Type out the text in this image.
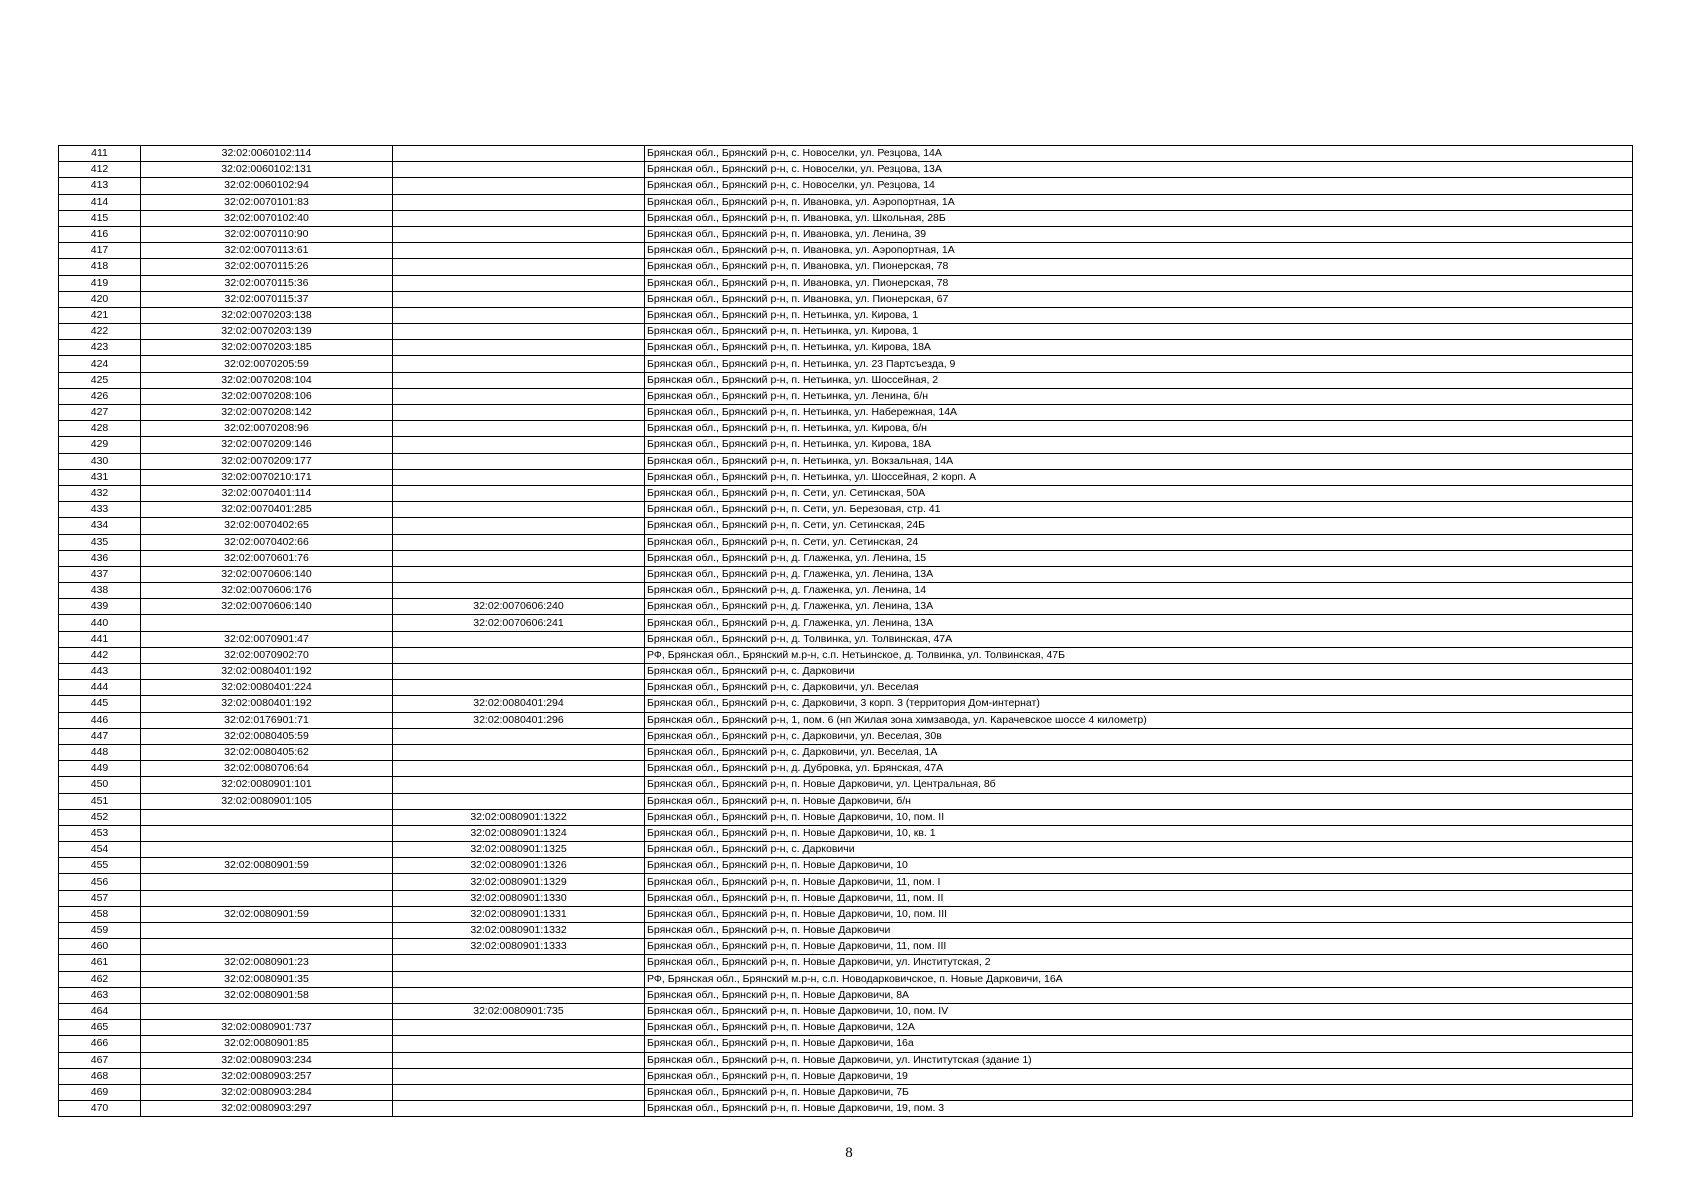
411	32:02:0060102:114		Брянская обл., Брянский р-н, с. Новоселки, ул. Резцова, 14А
412	32:02:0060102:131		Брянская обл., Брянский р-н, с. Новоселки, ул. Резцова, 13А
413	32:02:0060102:94		Брянская обл., Брянский р-н, с. Новоселки, ул. Резцова, 14
414	32:02:0070101:83		Брянская обл., Брянский р-н, п. Ивановка, ул. Аэропортная, 1А
415	32:02:0070102:40		Брянская обл., Брянский р-н, п. Ивановка, ул. Школьная, 28Б
416	32:02:0070110:90		Брянская обл., Брянский р-н, п. Ивановка, ул. Ленина, 39
417	32:02:0070113:61		Брянская обл., Брянский р-н, п. Ивановка, ул. Аэропортная, 1А
418	32:02:0070115:26		Брянская обл., Брянский р-н, п. Ивановка, ул. Пионерская, 78
419	32:02:0070115:36		Брянская обл., Брянский р-н, п. Ивановка, ул. Пионерская, 78
420	32:02:0070115:37		Брянская обл., Брянский р-н, п. Ивановка, ул. Пионерская, 67
421	32:02:0070203:138		Брянская обл., Брянский р-н, п. Нетьинка, ул. Кирова, 1
422	32:02:0070203:139		Брянская обл., Брянский р-н, п. Нетьинка, ул. Кирова, 1
423	32:02:0070203:185		Брянская обл., Брянский р-н, п. Нетьинка, ул. Кирова, 18А
424	32:02:0070205:59		Брянская обл., Брянский р-н, п. Нетьинка, ул. 23 Партсъезда, 9
425	32:02:0070208:104		Брянская обл., Брянский р-н, п. Нетьинка, ул. Шоссейная, 2
426	32:02:0070208:106		Брянская обл., Брянский р-н, п. Нетьинка, ул. Ленина, б/н
427	32:02:0070208:142		Брянская обл., Брянский р-н, п. Нетьинка, ул. Набережная, 14А
428	32:02:0070208:96		Брянская обл., Брянский р-н, п. Нетьинка, ул. Кирова, б/н
429	32:02:0070209:146		Брянская обл., Брянский р-н, п. Нетьинка, ул. Кирова, 18А
430	32:02:0070209:177		Брянская обл., Брянский р-н, п. Нетьинка, ул. Вокзальная, 14А
431	32:02:0070210:171		Брянская обл., Брянский р-н, п. Нетьинка, ул. Шоссейная, 2 корп. А
432	32:02:0070401:114		Брянская обл., Брянский р-н, п. Сети, ул. Сетинская, 50А
433	32:02:0070401:285		Брянская обл., Брянский р-н, п. Сети, ул. Березовая, стр. 41
434	32:02:0070402:65		Брянская обл., Брянский р-н, п. Сети, ул. Сетинская, 24Б
435	32:02:0070402:66		Брянская обл., Брянский р-н, п. Сети, ул. Сетинская, 24
436	32:02:0070601:76		Брянская обл., Брянский р-н, д. Глаженка, ул. Ленина, 15
437	32:02:0070606:140		Брянская обл., Брянский р-н, д. Глаженка, ул. Ленина, 13А
438	32:02:0070606:176		Брянская обл., Брянский р-н, д. Глаженка, ул. Ленина, 14
439	32:02:0070606:140	32:02:0070606:240	Брянская обл., Брянский р-н, д. Глаженка, ул. Ленина, 13А
440		32:02:0070606:241	Брянская обл., Брянский р-н, д. Глаженка, ул. Ленина, 13А
441	32:02:0070901:47		Брянская обл., Брянский р-н, д. Толвинка, ул. Толвинская, 47А
442	32:02:0070902:70		РФ, Брянская обл., Брянский м.р-н, с.п. Нетьинское, д. Толвинка, ул. Толвинская, 47Б
443	32:02:0080401:192		Брянская обл., Брянский р-н, с. Дарковичи
444	32:02:0080401:224		Брянская обл., Брянский р-н, с. Дарковичи, ул. Веселая
445	32:02:0080401:192	32:02:0080401:294	Брянская обл., Брянский р-н, с. Дарковичи, 3 корп. 3 (территория Дом-интернат)
446	32:02:0176901:71	32:02:0080401:296	Брянская обл., Брянский р-н, 1, пом. 6 (нп Жилая зона химзавода, ул. Карачевское шоссе 4 километр)
447	32:02:0080405:59		Брянская обл., Брянский р-н, с. Дарковичи, ул. Веселая, 30в
448	32:02:0080405:62		Брянская обл., Брянский р-н, с. Дарковичи, ул. Веселая, 1А
449	32:02:0080706:64		Брянская обл., Брянский р-н, д. Дубровка, ул. Брянская, 47А
450	32:02:0080901:101		Брянская обл., Брянский р-н, п. Новые Дарковичи, ул. Центральная, 8б
451	32:02:0080901:105		Брянская обл., Брянский р-н, п. Новые Дарковичи, б/н
452		32:02:0080901:1322	Брянская обл., Брянский р-н, п. Новые Дарковичи, 10, пом. II
453		32:02:0080901:1324	Брянская обл., Брянский р-н, п. Новые Дарковичи, 10, кв. 1
454		32:02:0080901:1325	Брянская обл., Брянский р-н, с. Дарковичи
455	32:02:0080901:59	32:02:0080901:1326	Брянская обл., Брянский р-н, п. Новые Дарковичи, 10
456		32:02:0080901:1329	Брянская обл., Брянский р-н, п. Новые Дарковичи, 11, пом. I
457		32:02:0080901:1330	Брянская обл., Брянский р-н, п. Новые Дарковичи, 11, пом. II
458	32:02:0080901:59	32:02:0080901:1331	Брянская обл., Брянский р-н, п. Новые Дарковичи, 10, пом. III
459		32:02:0080901:1332	Брянская обл., Брянский р-н, п. Новые Дарковичи
460		32:02:0080901:1333	Брянская обл., Брянский р-н, п. Новые Дарковичи, 11, пом. III
461	32:02:0080901:23		Брянская обл., Брянский р-н, п. Новые Дарковичи, ул. Институтская, 2
462	32:02:0080901:35		РФ, Брянская обл., Брянский м.р-н, с.п. Новодарковичское, п. Новые Дарковичи, 16А
463	32:02:0080901:58		Брянская обл., Брянский р-н, п. Новые Дарковичи, 8А
464		32:02:0080901:735	Брянская обл., Брянский р-н, п. Новые Дарковичи, 10, пом. IV
465	32:02:0080901:737		Брянская обл., Брянский р-н, п. Новые Дарковичи, 12А
466	32:02:0080901:85		Брянская обл., Брянский р-н, п. Новые Дарковичи, 16а
467	32:02:0080903:234		Брянская обл., Брянский р-н, п. Новые Дарковичи, ул. Институтская (здание 1)
468	32:02:0080903:257		Брянская обл., Брянский р-н, п. Новые Дарковичи, 19
469	32:02:0080903:284		Брянская обл., Брянский р-н, п. Новые Дарковичи, 7Б
470	32:02:0080903:297		Брянская обл., Брянский р-н, п. Новые Дарковичи, 19, пом. 3
8
